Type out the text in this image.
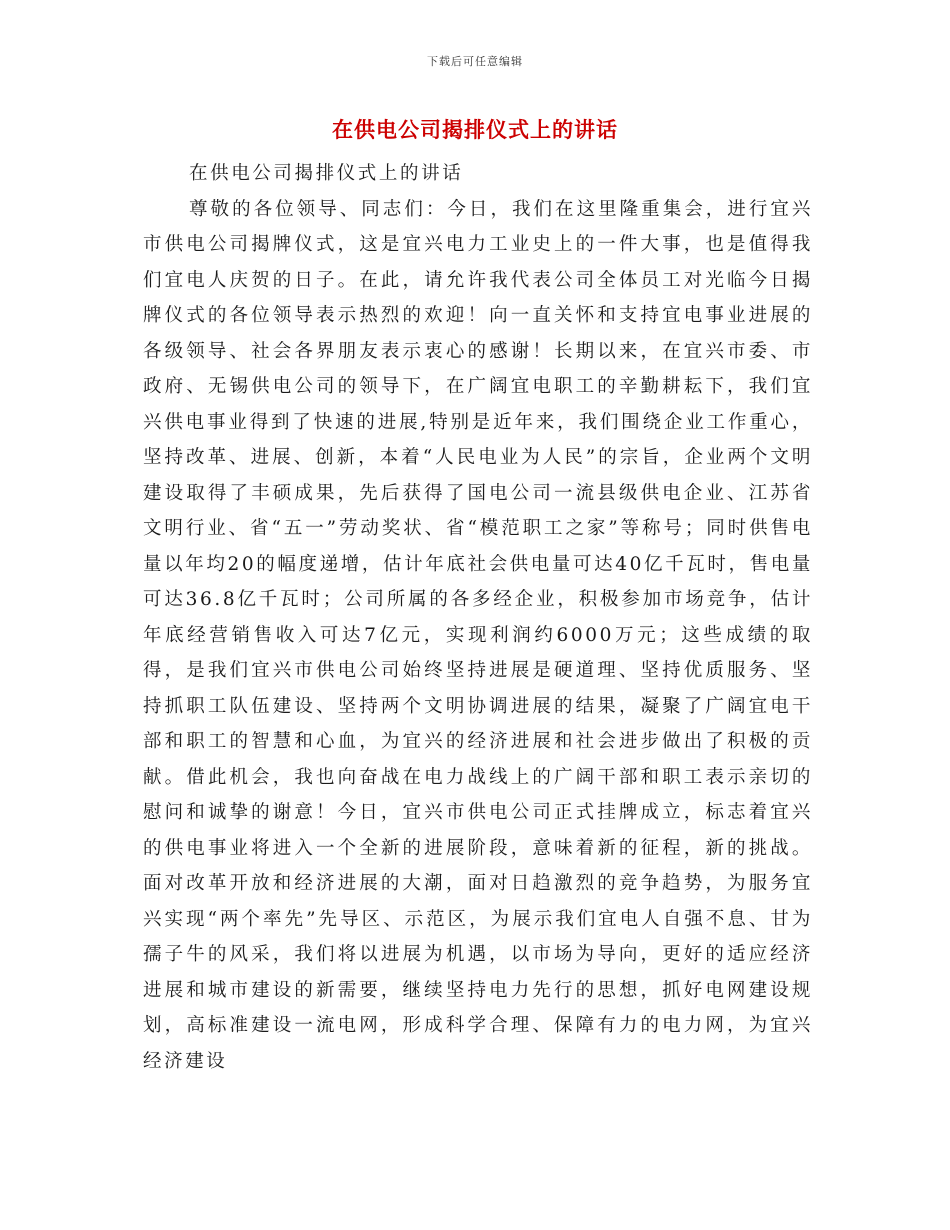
下载后可任意编辑
在供电公司揭排仪式上的讲话

在供电公司揭排仪式上的讲话

尊敬的各位领导、同志们：今日，我们在这里隆重集会，进行宜兴市供电公司揭牌仪式，这是宜兴电力工业史上的一件大事，也是值得我们宜电人庆贺的日子。在此，请允许我代表公司全体员工对光临今日揭牌仪式的各位领导表示热烈的欢迎！向一直关怀和支持宜电事业进展的各级领导、社会各界朋友表示衷心的感谢！长期以来，在宜兴市委、市政府、无锡供电公司的领导下，在广阔宜电职工的辛勤耕耘下，我们宜兴供电事业得到了快速的进展,特别是近年来，我们围绕企业工作重心，坚持改革、进展、创新，本着“人民电业为人民”的宗旨，企业两个文明建设取得了丰硕成果，先后获得了国电公司一流县级供电企业、江苏省文明行业、省“五一”劳动奖状、省“模范职工之家”等称号；同时供售电量以年均20的幅度递增，估计年底社会供电量可达40亿千瓦时，售电量可达36.8亿千瓦时；公司所属的各多经企业，积极参加市场竞争，估计年底经营销售收入可达7亿元，实现利润约6000万元；这些成绩的取得，是我们宜兴市供电公司始终坚持进展是硬道理、坚持优质服务、坚持抓职工队伍建设、坚持两个文明协调进展的结果，凝聚了广阔宜电干部和职工的智慧和心血，为宜兴的经济进展和社会进步做出了积极的贡献。借此机会，我也向奋战在电力战线上的广阔干部和职工表示亲切的慰问和诚挚的谢意！今日，宜兴市供电公司正式挂牌成立，标志着宜兴的供电事业将进入一个全新的进展阶段，意味着新的征程，新的挑战。面对改革开放和经济进展的大潮，面对日趋激烈的竞争趋势，为服务宜兴实现“两个率先”先导区、示范区，为展示我们宜电人自强不息、甘为孺子牛的风采，我们将以进展为机遇，以市场为导向，更好的适应经济进展和城市建设的新需要，继续坚持电力先行的思想，抓好电网建设规划，高标准建设一流电网，形成科学合理、保障有力的电力网，为宜兴经济建设
